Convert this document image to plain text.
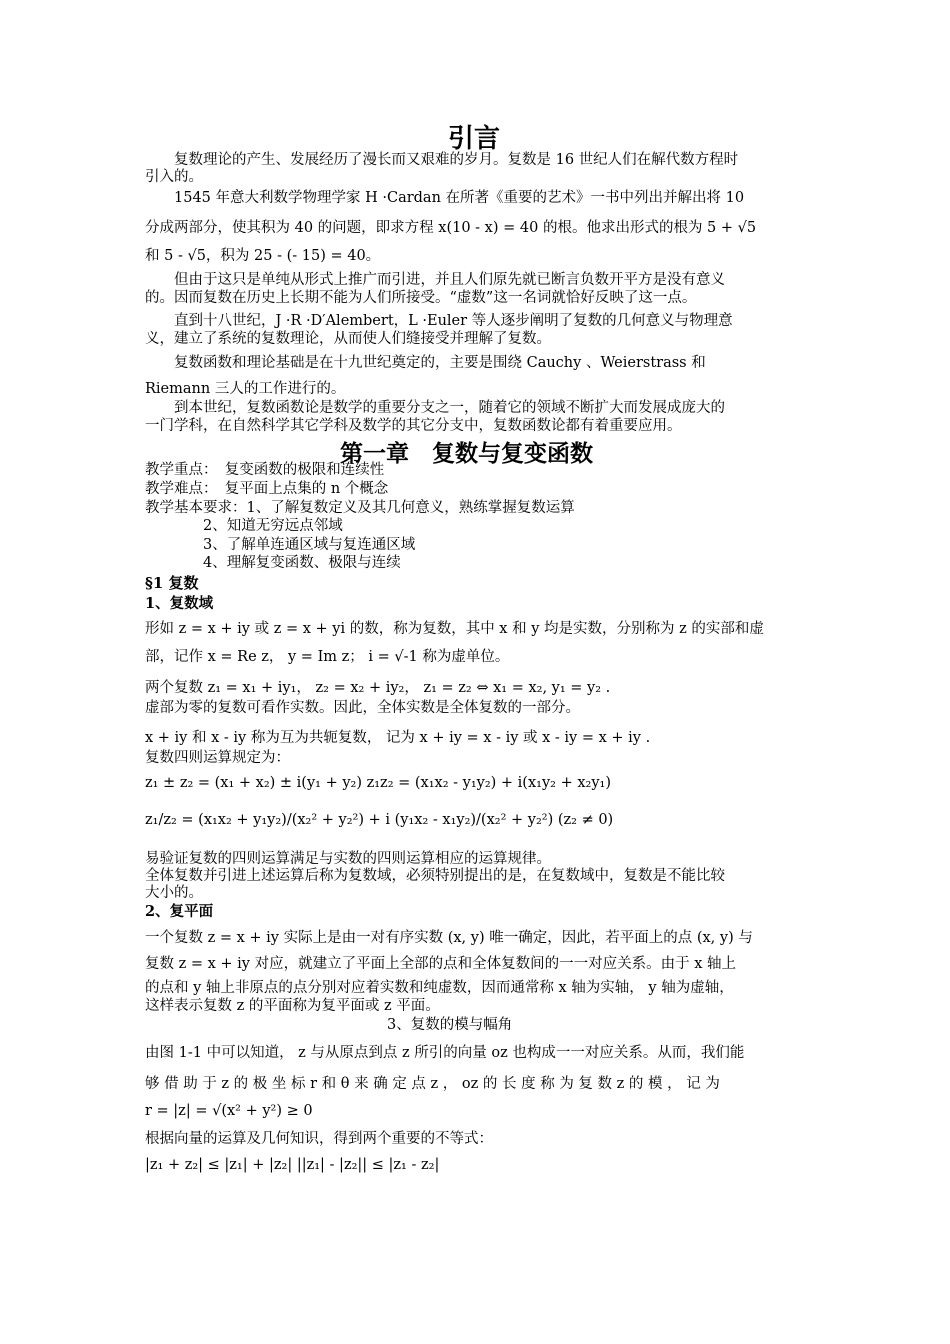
引言
复数理论的产生、发展经历了漫长而又艰难的岁月。复数是 16 世纪人们在解代数方程时
引入的。
1545 年意大利数学物理学家 H ·Cardan 在所著《重要的艺术》一书中列出并解出将 10
分成两部分，使其积为 40 的问题，即求方程 x(10 - x) = 40 的根。他求出形式的根为 5 + √5
和 5 - √5，积为 25 - (- 15) = 40。
但由于这只是单纯从形式上推广而引进，并且人们原先就已断言负数开平方是没有意义
的。因而复数在历史上长期不能为人们所接受。“虚数”这一名词就恰好反映了这一点。
直到十八世纪，J ·R ·D′Alembert，L ·Euler 等人逐步阐明了复数的几何意义与物理意
义，建立了系统的复数理论，从而使人们缝接受并理解了复数。
复数函数和理论基础是在十九世纪奠定的，主要是围绕 Cauchy 、Weierstrass 和
Riemann 三人的工作进行的。
到本世纪，复数函数论是数学的重要分支之一，随着它的领域不断扩大而发展成庞大的
一门学科，在自然科学其它学科及数学的其它分支中，复数函数论都有着重要应用。
第一章　复数与复变函数
教学重点：　复变函数的极限和连续性
教学难点：　复平面上点集的 n 个概念
教学基本要求：1、了解复数定义及其几何意义，熟练掌握复数运算
2、知道无穷远点邻域
3、了解单连通区域与复连通区域
4、理解复变函数、极限与连续
§1 复数
1、复数域
形如 z = x + iy 或 z = x + yi 的数，称为复数，其中 x 和 y 均是实数，分别称为 z 的实部和虚
部，记作 x = Re z， y = Im z； i = √-1 称为虚单位。
两个复数 z₁ = x₁ + iy₁， z₂ = x₂ + iy₂， z₁ = z₂ ⇔ x₁ = x₂, y₁ = y₂ .
虚部为零的复数可看作实数。因此，全体实数是全体复数的一部分。
x + iy 和 x - iy 称为互为共轭复数， 记为 x + iy = x - iy 或 x - iy = x + iy .
复数四则运算规定为：
z₁ ± z₂ = (x₁ + x₂) ± i(y₁ + y₂) z₁z₂ = (x₁x₂ - y₁y₂) + i(x₁y₂ + x₂y₁)
z₁/z₂ = (x₁x₂ + y₁y₂)/(x₂² + y₂²) + i (y₁x₂ - x₁y₂)/(x₂² + y₂²) (z₂ ≠ 0)
易验证复数的四则运算满足与实数的四则运算相应的运算规律。
全体复数并引进上述运算后称为复数域，必须特别提出的是，在复数域中，复数是不能比较
大小的。
2、复平面
一个复数 z = x + iy 实际上是由一对有序实数 (x, y) 唯一确定，因此，若平面上的点 (x, y) 与
复数 z = x + iy 对应，就建立了平面上全部的点和全体复数间的一一对应关系。由于 x 轴上
的点和 y 轴上非原点的点分别对应着实数和纯虚数，因而通常称 x 轴为实轴， y 轴为虚轴，
这样表示复数 z 的平面称为复平面或 z 平面。
3、复数的模与幅角
由图 1-1 中可以知道， z 与从原点到点 z 所引的向量 oz 也构成一一对应关系。从而，我们能
够 借 助 于 z 的 极 坐 标 r 和 θ 来 确 定 点 z ， oz 的 长 度 称 为 复 数 z 的 模 ， 记 为
r = |z| = √(x² + y²) ≥ 0
根据向量的运算及几何知识，得到两个重要的不等式：
|z₁ + z₂| ≤ |z₁| + |z₂| ||z₁| - |z₂|| ≤ |z₁ - z₂|
